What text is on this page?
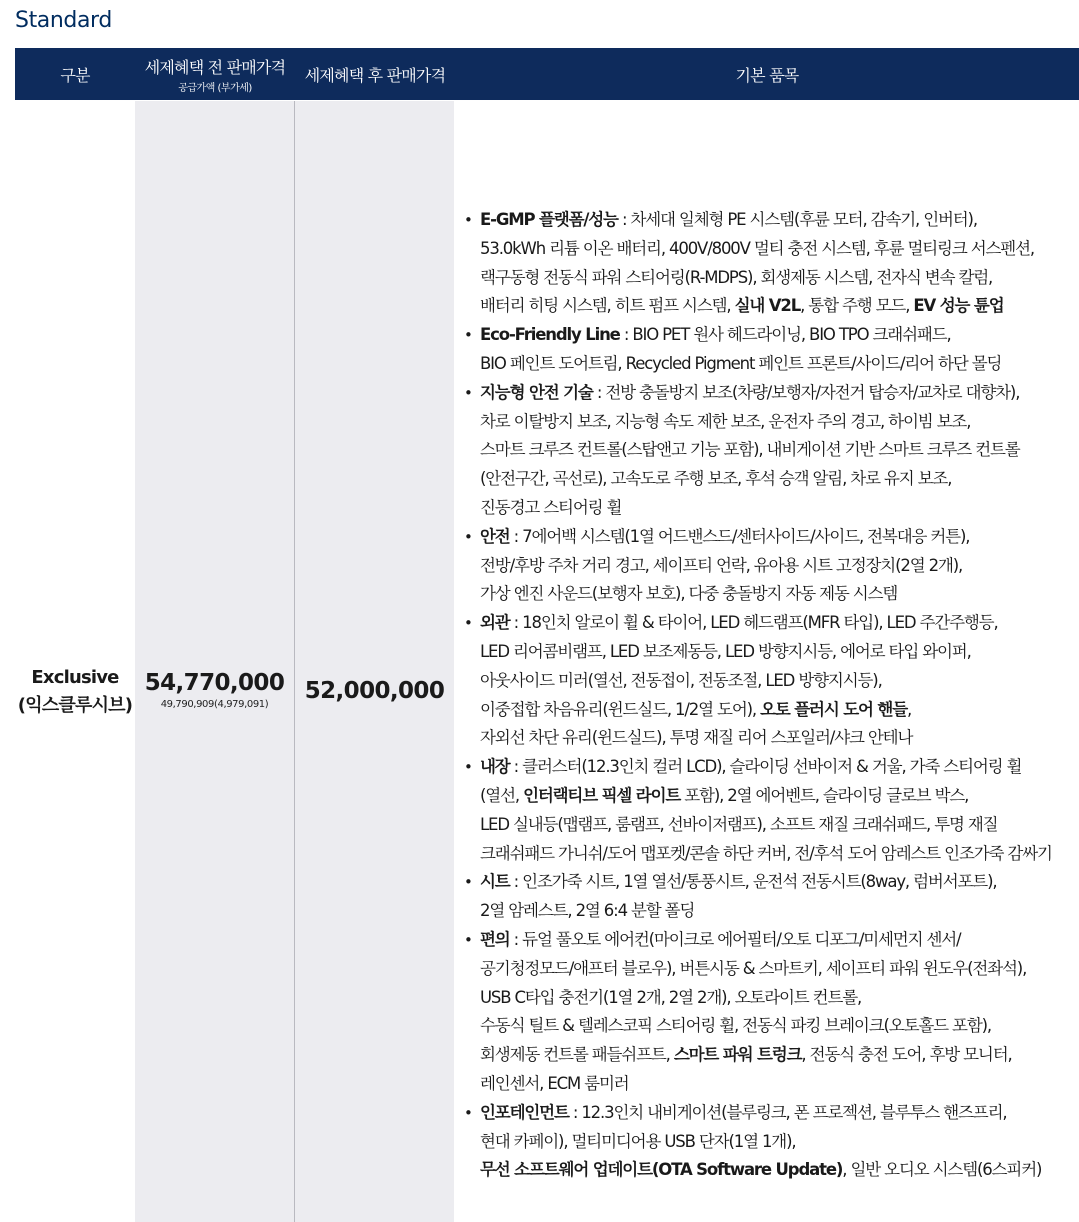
Standard
구분	세제혜택 전 판매가격
공급가액 (부가세)
세제혜택 후 판매가격	기본 품목
Exclusive
(익스클루시브)
54,770,000
49,790,909(4,979,091)
52,000,000
• E-GMP 플랫폼/성능 : 차세대 일체형 PE 시스템(후륜 모터, 감속기, 인버터),
53.0kWh 리튬 이온 배터리, 400V/800V 멀티 충전 시스템, 후륜 멀티링크 서스펜션,
랙구동형 전동식 파워 스티어링(R-MDPS), 회생제동 시스템, 전자식 변속 칼럼,
배터리 히팅 시스템, 히트 펌프 시스템, 실내 V2L, 통합 주행 모드, EV 성능 튠업
• Eco-Friendly Line : BIO PET 원사 헤드라이닝, BIO TPO 크래쉬패드,
BIO 페인트 도어트림, Recycled Pigment 페인트 프론트/사이드/리어 하단 몰딩
• 지능형 안전 기술 : 전방 충돌방지 보조(차량/보행자/자전거 탑승자/교차로 대향차),
차로 이탈방지 보조, 지능형 속도 제한 보조, 운전자 주의 경고, 하이빔 보조,
스마트 크루즈 컨트롤(스탑앤고 기능 포함), 내비게이션 기반 스마트 크루즈 컨트롤
(안전구간, 곡선로), 고속도로 주행 보조, 후석 승객 알림, 차로 유지 보조,
진동경고 스티어링 휠
• 안전 : 7에어백 시스템(1열 어드밴스드/센터사이드/사이드, 전복대응 커튼),
전방/후방 주차 거리 경고, 세이프티 언락, 유아용 시트 고정장치(2열 2개),
가상 엔진 사운드(보행자 보호), 다중 충돌방지 자동 제동 시스템
• 외관 : 18인치 알로이 휠 & 타이어, LED 헤드램프(MFR 타입), LED 주간주행등,
LED 리어콤비램프, LED 보조제동등, LED 방향지시등, 에어로 타입 와이퍼,
아웃사이드 미러(열선, 전동접이, 전동조절, LED 방향지시등),
이중접합 차음유리(윈드실드, 1/2열 도어), 오토 플러시 도어 핸들,
자외선 차단 유리(윈드실드), 투명 재질 리어 스포일러/샤크 안테나
• 내장 : 클러스터(12.3인치 컬러 LCD), 슬라이딩 선바이저 & 거울, 가죽 스티어링 휠
(열선, 인터랙티브 픽셀 라이트 포함), 2열 에어벤트, 슬라이딩 글로브 박스,
LED 실내등(맵램프, 룸램프, 선바이저램프), 소프트 재질 크래쉬패드, 투명 재질
크래쉬패드 가니쉬/도어 맵포켓/콘솔 하단 커버, 전/후석 도어 암레스트 인조가죽 감싸기
• 시트 : 인조가죽 시트, 1열 열선/통풍시트, 운전석 전동시트(8way, 럼버서포트),
2열 암레스트, 2열 6:4 분할 폴딩
• 편의 : 듀얼 풀오토 에어컨(마이크로 에어필터/오토 디포그/미세먼지 센서/
공기청정모드/애프터 블로우), 버튼시동 & 스마트키, 세이프티 파워 윈도우(전좌석),
USB C타입 충전기(1열 2개, 2열 2개), 오토라이트 컨트롤,
수동식 틸트 & 텔레스코픽 스티어링 휠, 전동식 파킹 브레이크(오토홀드 포함),
회생제동 컨트롤 패들쉬프트, 스마트 파워 트렁크, 전동식 충전 도어, 후방 모니터,
레인센서, ECM 룸미러
• 인포테인먼트 : 12.3인치 내비게이션(블루링크, 폰 프로젝션, 블루투스 핸즈프리,
현대 카페이), 멀티미디어용 USB 단자(1열 1개),
무선 소프트웨어 업데이트(OTA Software Update), 일반 오디오 시스템(6스피커)
